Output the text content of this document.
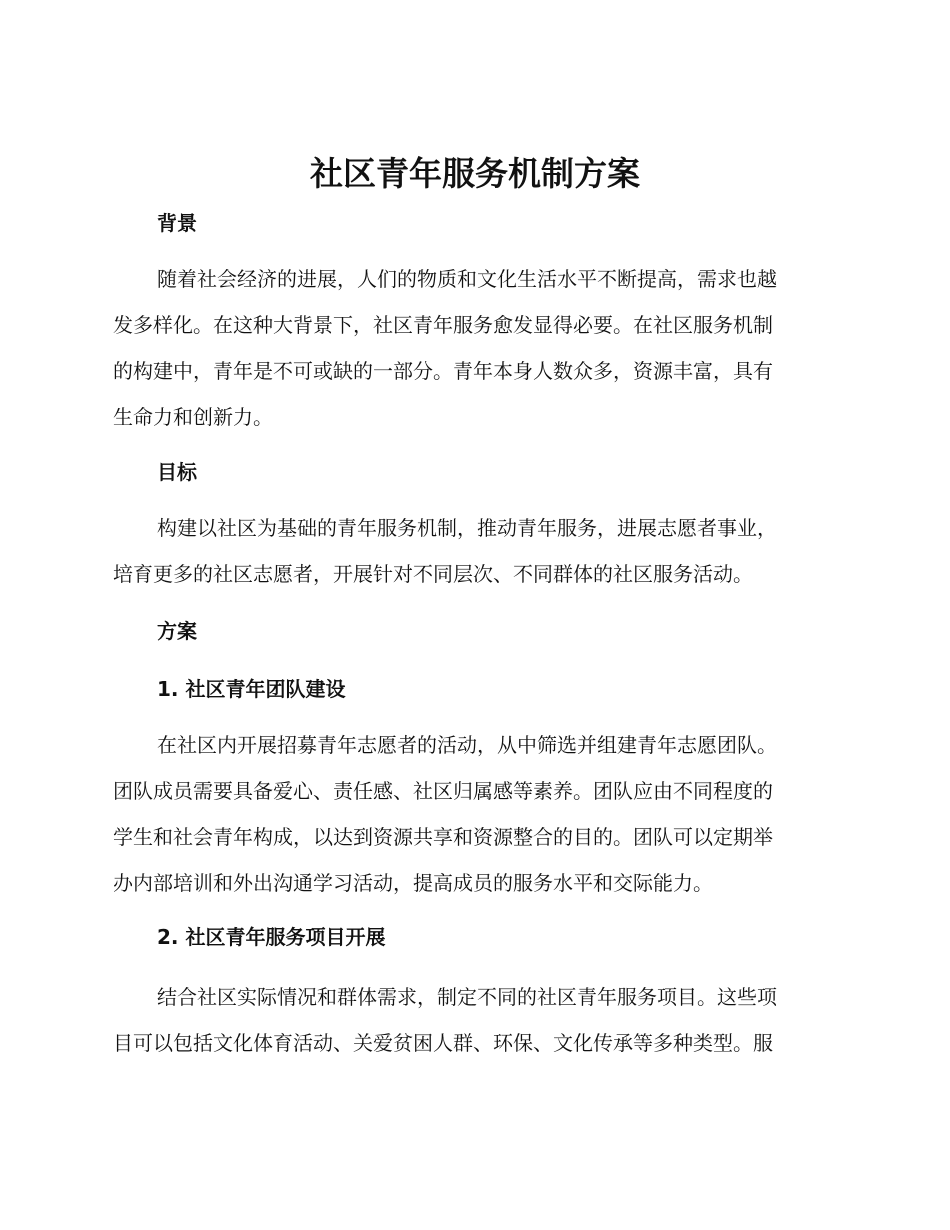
社区青年服务机制方案
背景
随着社会经济的进展，人们的物质和文化生活水平不断提高，需求也越
发多样化。在这种大背景下，社区青年服务愈发显得必要。在社区服务机制
的构建中，青年是不可或缺的一部分。青年本身人数众多，资源丰富，具有
生命力和创新力。
目标
构建以社区为基础的青年服务机制，推动青年服务，进展志愿者事业，
培育更多的社区志愿者，开展针对不同层次、不同群体的社区服务活动。
方案
1. 社区青年团队建设
在社区内开展招募青年志愿者的活动，从中筛选并组建青年志愿团队。
团队成员需要具备爱心、责任感、社区归属感等素养。团队应由不同程度的
学生和社会青年构成，以达到资源共享和资源整合的目的。团队可以定期举
办内部培训和外出沟通学习活动，提高成员的服务水平和交际能力。
2. 社区青年服务项目开展
结合社区实际情况和群体需求，制定不同的社区青年服务项目。这些项
目可以包括文化体育活动、关爱贫困人群、环保、文化传承等多种类型。服
